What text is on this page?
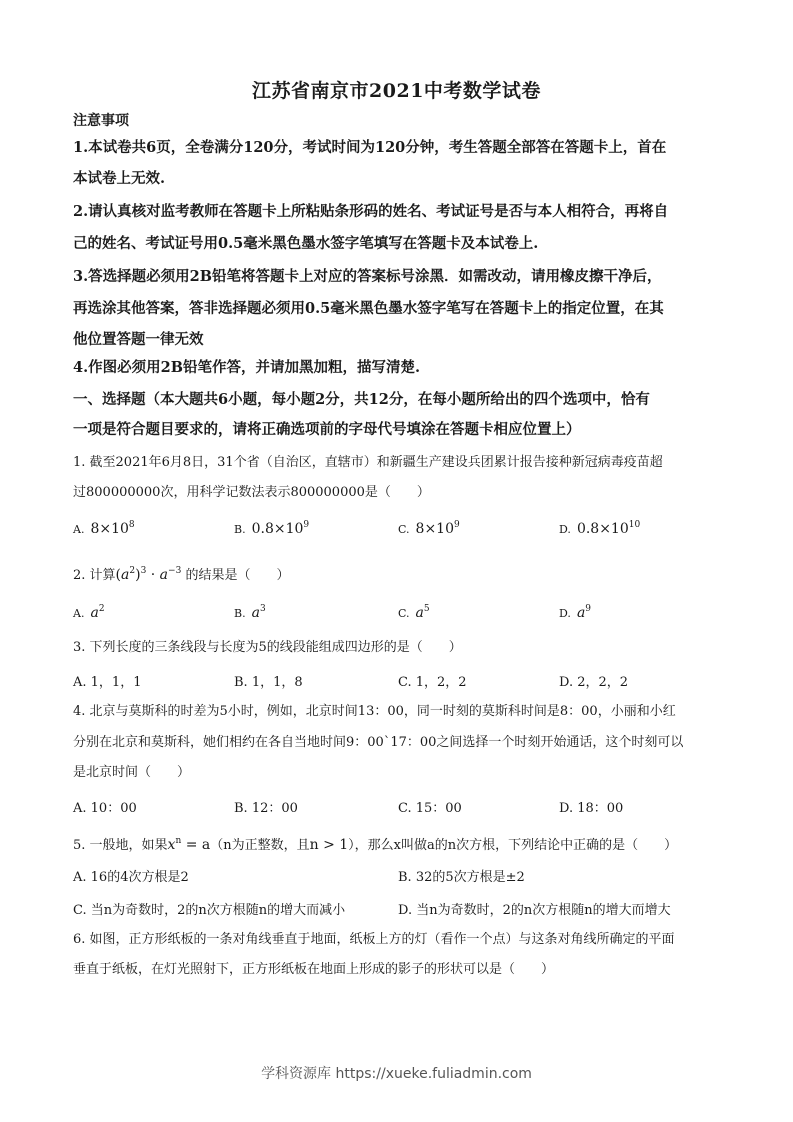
江苏省南京市2021中考数学试卷
注意事项
1.本试卷共6页，全卷满分120分，考试时间为120分钟，考生答题全部答在答题卡上，首在
本试卷上无效.
2.请认真核对监考教师在答题卡上所粘贴条形码的姓名、考试证号是否与本人相符合，再将自
己的姓名、考试证号用0.5毫米黑色墨水签字笔填写在答题卡及本试卷上.
3.答选择题必须用2B铅笔将答题卡上对应的答案标号涂黑．如需改动，请用橡皮擦干净后，
再选涂其他答案，答非选择题必须用0.5毫米黑色墨水签字笔写在答题卡上的指定位置，在其
他位置答题一律无效
4.作图必须用2B铅笔作答，并请加黑加粗，描写清楚.
一、选择题（本大题共6小题，每小题2分，共12分，在每小题所给出的四个选项中，恰有
一项是符合题目要求的，请将正确选项前的字母代号填涂在答题卡相应位置上）
1. 截至2021年6月8日，31个省（自治区，直辖市）和新疆生产建设兵团累计报告接种新冠病毒疫苗超
过800000000次，用科学记数法表示800000000是（　　）
A. $8\times 10^8$	B. $0.8\times 10^9$	C. $8\times 10^9$	D. $0.8\times 10^{10}$
2. 计算$(a^2)^3 \cdot a^{-3}$ 的结果是（　　）
A. $a^2$	B. $a^3$	C. $a^5$	D. $a^9$
3. 下列长度的三条线段与长度为5的线段能组成四边形的是（　　）
A. 1，1，1	B. 1，1，8	C. 1，2，2	D. 2，2，2
4. 北京与莫斯科的时差为5小时，例如，北京时间13：00，同一时刻的莫斯科时间是8：00，小丽和小红
分别在北京和莫斯科，她们相约在各自当地时间9：00`17：00之间选择一个时刻开始通话，这个时刻可以
是北京时间（　　）
A. 10：00	B. 12：00	C. 15：00	D. 18：00
5. 一般地，如果$x^n = a(n$为正整数，且n > 1），那么x叫做a的n次方根，下列结论中正确的是（　　）
A. 16的4次方根是2	B. 32的5次方根是±2
C. 当n为奇数时，2的n次方根随n的增大而减小	D. 当n为奇数时，2的n次方根随n的增大而增大
6. 如图，正方形纸板的一条对角线垂直于地面，纸板上方的灯（看作一个点）与这条对角线所确定的平面
垂直于纸板，在灯光照射下，正方形纸板在地面上形成的影子的形状可以是（　　）
学科资源库 https://xueke.fuliadmin.com
